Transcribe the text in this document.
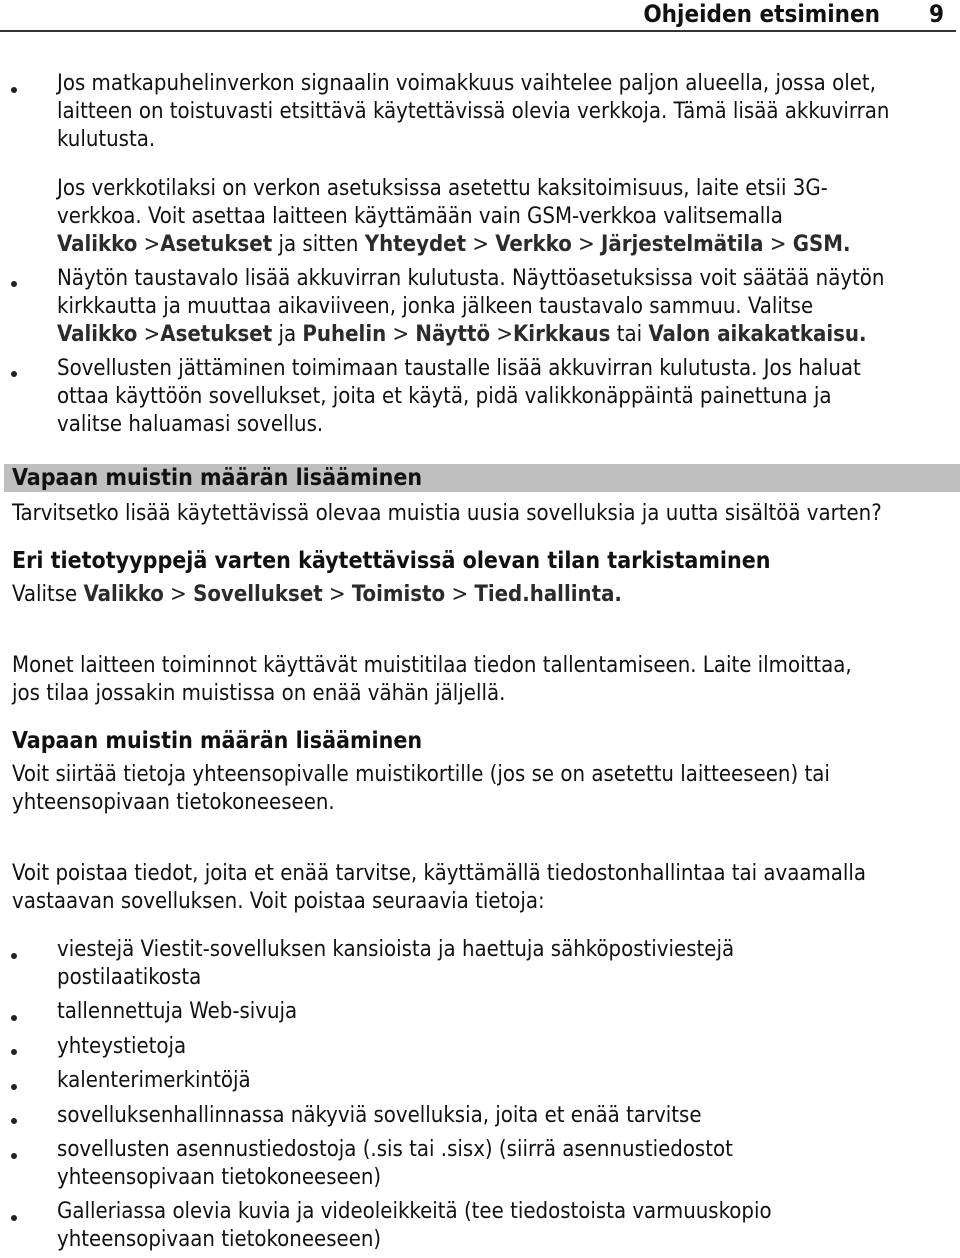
Ohjeiden etsiminen 9
Jos matkapuhelinverkon signaalin voimakkuus vaihtelee paljon alueella, jossa olet,
laitteen on toistuvasti etsittävä käytettävissä olevia verkkoja. Tämä lisää akkuvirran
kulutusta.
Jos verkkotilaksi on verkon asetuksissa asetettu kaksitoimisuus, laite etsii 3G-
verkkoa. Voit asettaa laitteen käyttämään vain GSM-verkkoa valitsemalla
Valikko >Asetukset ja sitten Yhteydet > Verkko > Järjestelmätila > GSM.
Näytön taustavalo lisää akkuvirran kulutusta. Näyttöasetuksissa voit säätää näytön
kirkkautta ja muuttaa aikaviiveen, jonka jälkeen taustavalo sammuu. Valitse
Valikko >Asetukset ja Puhelin > Näyttö >Kirkkaus tai Valon aikakatkaisu.
Sovellusten jättäminen toimimaan taustalle lisää akkuvirran kulutusta. Jos haluat
ottaa käyttöön sovellukset, joita et käytä, pidä valikkonäppäintä painettuna ja
valitse haluamasi sovellus.
Vapaan muistin määrän lisääminen
Tarvitsetko lisää käytettävissä olevaa muistia uusia sovelluksia ja uutta sisältöä varten?
Eri tietotyyppejä varten käytettävissä olevan tilan tarkistaminen
Valitse Valikko > Sovellukset > Toimisto > Tied.hallinta.
Monet laitteen toiminnot käyttävät muistitilaa tiedon tallentamiseen. Laite ilmoittaa,
jos tilaa jossakin muistissa on enää vähän jäljellä.
Vapaan muistin määrän lisääminen
Voit siirtää tietoja yhteensopivalle muistikortille (jos se on asetettu laitteeseen) tai
yhteensopivaan tietokoneeseen.
Voit poistaa tiedot, joita et enää tarvitse, käyttämällä tiedostonhallintaa tai avaamalla
vastaavan sovelluksen. Voit poistaa seuraavia tietoja:
viestejä Viestit-sovelluksen kansioista ja haettuja sähköpostiviestejä
postilaatikosta
tallennettuja Web-sivuja
yhteystietoja
kalenterimerkintöjä
sovelluksenhallinnassa näkyviä sovelluksia, joita et enää tarvitse
sovellusten asennustiedostoja (.sis tai .sisx) (siirrä asennustiedostot
yhteensopivaan tietokoneeseen)
Galleriassa olevia kuvia ja videoleikkeitä (tee tiedostoista varmuuskopio
yhteensopivaan tietokoneeseen)
